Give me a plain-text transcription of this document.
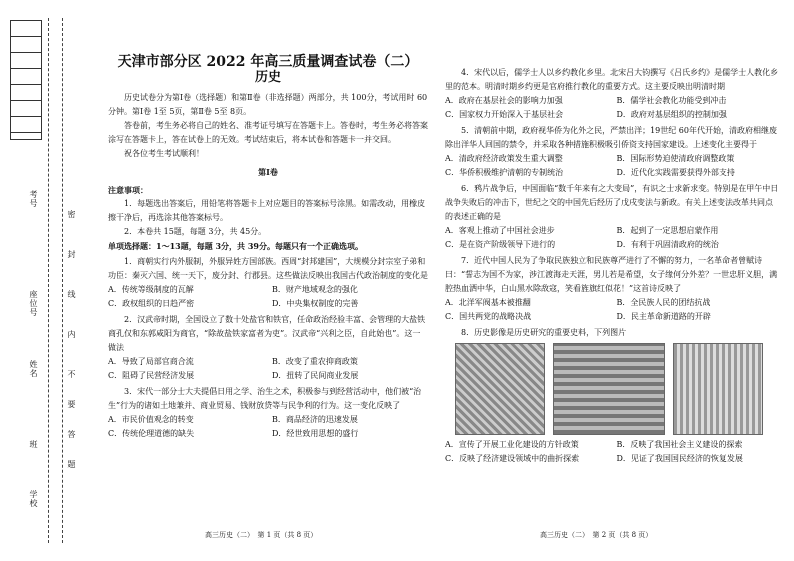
考号
座位号
姓名
班
学校
密
封
线
内
不
要
答
题
天津市部分区 2022 年高三质量调查试卷（二）
历史

历史试卷分为第Ⅰ卷（选择题）和第Ⅱ卷（非选择题）两部分，共 100分，考试用时 60分钟。第Ⅰ卷 1至 5页，第Ⅱ卷 5至 8页。

答卷前，考生务必将自己的姓名、准考证号填写在答题卡上。答卷时，考生务必将答案涂写在答题卡上，答在试卷上的无效。考试结束后，将本试卷和答题卡一并交回。

祝各位考生考试顺利！

第Ⅰ卷

注意事项：

1．每题选出答案后，用铅笔将答题卡上对应题目的答案标号涂黑。如需改动，用橡皮擦干净后，再选涂其他答案标号。

2．本卷共 15题，每题 3分，共 45分。

单项选择题：1～13题，每题 3分，共 39分。每题只有一个正确选项。

1．商朝实行内外服制，外服异姓方国部族。西周“封邦建国”，大规模分封宗室子弟和功臣：秦灭六国、统一天下，废分封、行郡县。这些做法反映出我国古代政治制度的变化是

A．传统等级制度的瓦解	B．财产地域观念的强化
C．政权组织的日趋严密	D．中央集权制度的完善

2．汉武帝时期，全国设立了数十处盐官和铁官，任命政治经验丰富、会管理的大盐铁商孔仅和东郭咸阳为商官，“除故盐铁家富者为吏”。汉武帝“兴利之臣，自此始也”。这一做法

A．导致了局部官商合流	B．改变了重农抑商政策
C．阻碍了民营经济发展	D．扭转了民间商业发展

3．宋代一部分士大夫提倡日用之学、治生之术，积极参与到经营活动中，他们被“治生”行为的诸如土地兼并、商业贸易、钱财放贷等与民争利的行为。这一变化反映了

A．市民价值观念的转变	B．商品经济的迅速发展
C．传统伦理道德的缺失	D．经世致用思想的盛行

4．宋代以后，儒学士人以乡约教化乡里。北宋吕大钧撰写《吕氏乡约》是儒学士人教化乡里的范本。明清时期乡约更是官府推行教化的重要方式。这主要反映出明清时期

A．政府在基层社会的影响力加强	B．儒学社会教化功能受到冲击
C．国家权力开始深入于基层社会	D．政府对基层组织的控制加强

5．清朝前中期，政府视华侨为化外之民，严禁出洋；19世纪 60年代开始，清政府相继废除出洋华人回国的禁令，并采取各种措施积极吸引侨资支持国家建设。上述变化主要得于

A．清政府经济政策发生重大调整	B．国际形势迫使清政府调整政策
C．华侨积极维护清朝的专制统治	D．近代化实践需要获得外部支持

6．鸦片战争后，中国面临“数千年来有之大变局”，有识之士求新求变。特别是在甲午中日战争失败后的冲击下，世纪之交的中国先后经历了戊戌变法与新政。有关上述变法改革共同点的表述正确的是

A．客观上推动了中国社会进步	B．起到了一定思想启蒙作用
C．是在资产阶级领导下进行的	D．有利于巩固清政府的统治

7．近代中国人民为了争取民族独立和民族尊严进行了不懈的努力，一名革命者曾赋诗曰：“誓志为国不为家，涉江渡海走天涯，男儿若是希望，女子缘何分外差？一世忠肝义胆，满腔热血洒中华，白山黑水除敌寇，笑看旌旗红似花！”这首诗反映了

A．北洋军阀基本被推翻	B．全民族人民的团结抗战
C．国共两党的战略决战	D．民主革命新道路的开辟

8．历史影像是历史研究的重要史料，下列图片

A．宣传了开展工业化建设的方针政策	B．反映了我国社会主义建设的探索
C．反映了经济建设领域中的曲折探索	D．见证了我国国民经济的恢复发展
高三历史（二）　第 1 页（共 8 页）	高三历史（二）　第 2 页（共 8 页）
